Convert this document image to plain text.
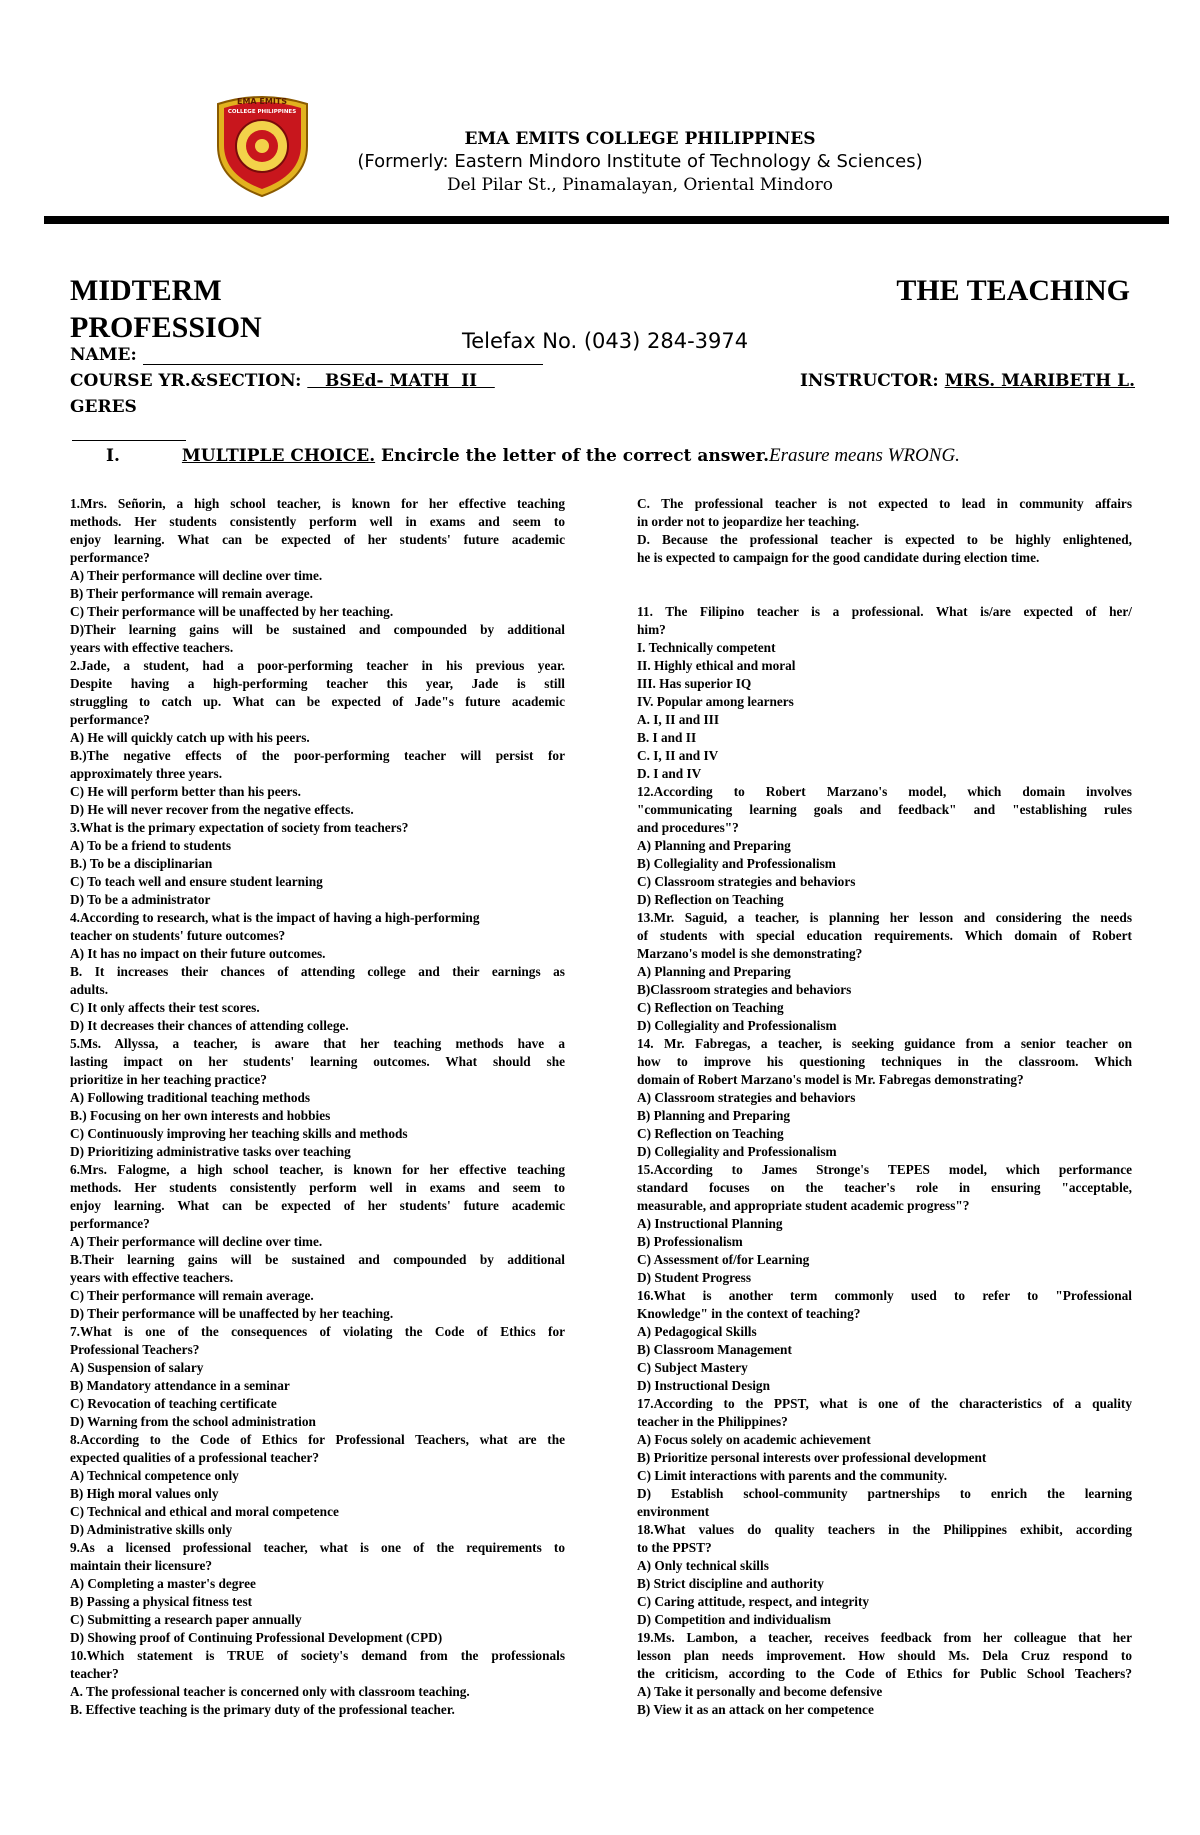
EMA EMITS
COLLEGE PHILIPPINES
EMA EMITS COLLEGE PHILIPPINES
(Formerly: Eastern Mindoro Institute of Technology & Sciences)
Del Pilar St., Pinamalayan, Oriental Mindoro
MIDTERM
PROFESSION
THE TEACHING
Telefax No. (043) 284-3974
NAME:
COURSE YR.&SECTION:    BSEd- MATH  II	INSTRUCTOR: MRS. MARIBETH L.
GERES
I.	MULTIPLE CHOICE. Encircle the letter of the correct answer.Erasure means WRONG.
1.Mrs. Señorin, a high school teacher, is known for her effective teaching
methods. Her students consistently perform well in exams and seem to
enjoy learning. What can be expected of her students' future academic
performance?
A) Their performance will decline over time.
B) Their performance will remain average.
C) Their performance will be unaffected by her teaching.
D)Their learning gains will be sustained and compounded by additional
years with effective teachers.
2.Jade, a student, had a poor-performing teacher in his previous year.
Despite having a high-performing teacher this year, Jade is still
struggling to catch up. What can be expected of Jade"s future academic
performance?
A) He will quickly catch up with his peers.
B.)The negative effects of the poor-performing teacher will persist for
approximately three years.
C) He will perform better than his peers.
D) He will never recover from the negative effects.
3.What is the primary expectation of society from teachers?
A) To be a friend to students
B.) To be a disciplinarian
C) To teach well and ensure student learning
D) To be a administrator
4.According to research, what is the impact of having a high-performing
teacher on students' future outcomes?
A) It has no impact on their future outcomes.
B. It increases their chances of attending college and their earnings as
adults.
C) It only affects their test scores.
D) It decreases their chances of attending college.
5.Ms. Allyssa, a teacher, is aware that her teaching methods have a
lasting impact on her students' learning outcomes. What should she
prioritize in her teaching practice?
A) Following traditional teaching methods
B.) Focusing on her own interests and hobbies
C) Continuously improving her teaching skills and methods
D) Prioritizing administrative tasks over teaching
6.Mrs. Falogme, a high school teacher, is known for her effective teaching
methods. Her students consistently perform well in exams and seem to
enjoy learning. What can be expected of her students' future academic
performance?
A) Their performance will decline over time.
B.Their learning gains will be sustained and compounded by additional
years with effective teachers.
C) Their performance will remain average.
D) Their performance will be unaffected by her teaching.
7.What is one of the consequences of violating the Code of Ethics for
Professional Teachers?
A) Suspension of salary
B) Mandatory attendance in a seminar
C) Revocation of teaching certificate
D) Warning from the school administration
8.According to the Code of Ethics for Professional Teachers, what are the
expected qualities of a professional teacher?
A) Technical competence only
B) High moral values only
C) Technical and ethical and moral competence
D) Administrative skills only
9.As a licensed professional teacher, what is one of the requirements to
maintain their licensure?
A) Completing a master's degree
B) Passing a physical fitness test
C) Submitting a research paper annually
D) Showing proof of Continuing Professional Development (CPD)
10.Which statement is TRUE of society's demand from the professionals
teacher?
A. The professional teacher is concerned only with classroom teaching.
B. Effective teaching is the primary duty of the professional teacher.
C. The professional teacher is not expected to lead in community affairs
in order not to jeopardize her teaching.
D. Because the professional teacher is expected to be highly enlightened,
he is expected to campaign for the good candidate during election time.

11. The Filipino teacher is a professional. What is/are expected of her/
him?
I. Technically competent
II. Highly ethical and moral
III. Has superior IQ
IV. Popular among learners
A. I, II and III
B. I and II
C. I, II and IV
D. I and IV
12.According to Robert Marzano's model, which domain involves
"communicating learning goals and feedback" and "establishing rules
and procedures"?
A) Planning and Preparing
B) Collegiality and Professionalism
C) Classroom strategies and behaviors
D) Reflection on Teaching
13.Mr. Saguid, a teacher, is planning her lesson and considering the needs
of students with special education requirements. Which domain of Robert
Marzano's model is she demonstrating?
A) Planning and Preparing
B)Classroom strategies and behaviors
C) Reflection on Teaching
D) Collegiality and Professionalism
14. Mr. Fabregas, a teacher, is seeking guidance from a senior teacher on
how to improve his questioning techniques in the classroom. Which
domain of Robert Marzano's model is Mr. Fabregas demonstrating?
A) Classroom strategies and behaviors
B) Planning and Preparing
C) Reflection on Teaching
D) Collegiality and Professionalism
15.According to James Stronge's TEPES model, which performance
standard focuses on the teacher's role in ensuring "acceptable,
measurable, and appropriate student academic progress"?
A) Instructional Planning
B) Professionalism
C) Assessment of/for Learning
D) Student Progress
16.What is another term commonly used to refer to "Professional
Knowledge" in the context of teaching?
A) Pedagogical Skills
B) Classroom Management
C) Subject Mastery
D) Instructional Design
17.According to the PPST, what is one of the characteristics of a quality
teacher in the Philippines?
A) Focus solely on academic achievement
B) Prioritize personal interests over professional development
C) Limit interactions with parents and the community.
D) Establish school-community partnerships to enrich the learning
environment
18.What values do quality teachers in the Philippines exhibit, according
to the PPST?
A) Only technical skills
B) Strict discipline and authority
C) Caring attitude, respect, and integrity
D) Competition and individualism
19.Ms. Lambon, a teacher, receives feedback from her colleague that her
lesson plan needs improvement. How should Ms. Dela Cruz respond to
the criticism, according to the Code of Ethics for Public School Teachers?
A) Take it personally and become defensive
B) View it as an attack on her competence
